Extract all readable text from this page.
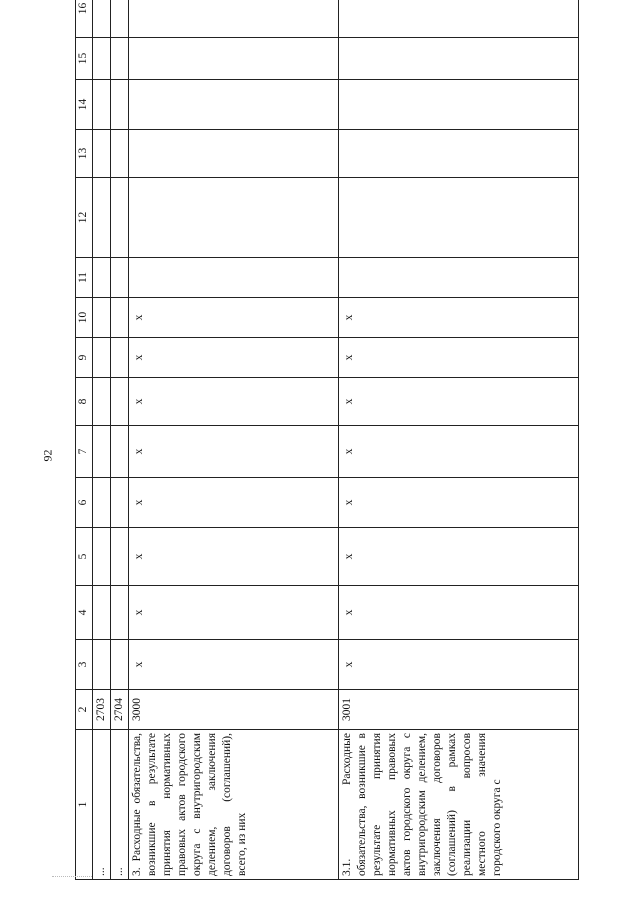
92
1	2	3	4	5	6	7	8	9	10	11	12	13	14	15	16
...	2703														
...	2704														
3. Расходные обязательства, возникшие в результате принятия нормативных правовых актов городского округа с внутригородским делением, заключения договоров (соглашений), всего, из них	3000	x	x	x	x	x	x	x	x						
3.1. Расходные обязательства, возникшие в результате принятия нормативных правовых актов городского округа с внутригородским делением, заключения договоров (соглашений) в рамках реализации вопросов местного значения городского округа с	3001	x	x	x	x	x	x	x	x						
